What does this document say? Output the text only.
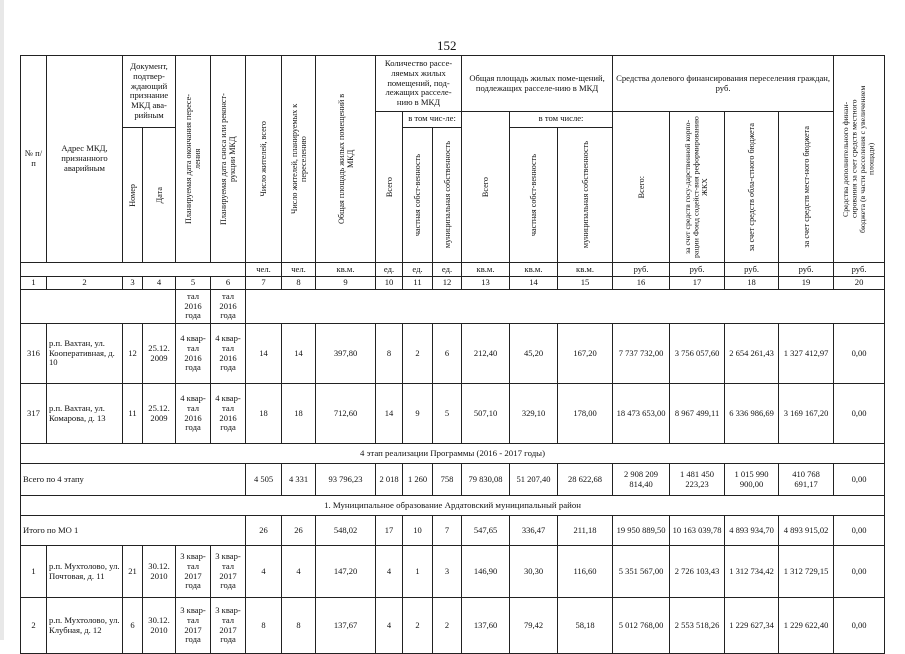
152
№ п/п	Адрес МКД, признанного аварийным	Документ, подтвер-ждающий признание МКД ава-рийным		Планируемая дата окончания пересе-ления	Планируемая дата сноса или реконст-рукции МКД	Число жителей, всего	Число жителей, планируемых к переселению	Общая площадь жилых помещений в МКД	Количество рассе-ляемых жилых помещений, под-лежащих расселе-нию в МКД			Общая площадь жилых поме-щений, подлежащих расселе-нию в МКД			Средства долевого финансирования переселения граждан, руб.				Средства дополнительного финан-сирования за счет средств местного бюджета (в части расселения с увеличением площади)

									Всего	в том чис-ле:		Всего	в том числе:		Всего:	за счет средств госу-дарственной корпо-рации Фонд содейст-вия реформированию ЖКХ	за счет средств обла-стного бюджета	за счет средств мест-ного бюджета	

		Номер	Дата							частная собст-венность	муниципальная собственность		частная собст-венность	муниципальная собственность					

						чел.	чел.	кв.м.	ед.	ед.	ед.	кв.м.	кв.м.	кв.м.	руб.	руб.	руб.	руб.	руб.
1	2	3	4	5	6	7	8	9	10	11	12	13	14	15	16	17	18	19	20
				тал 2016 года	тал 2016 года														
316	р.п. Вахтан, ул. Кооперативная, д. 10	12	25.12. 2009	4 квар-тал 2016 года	4 квар-тал 2016 года	14	14	397,80	8	2	6	212,40	45,20	167,20	7 737 732,00	3 756 057,60	2 654 261,43	1 327 412,97	0,00
317	р.п. Вахтан, ул. Комарова, д. 13	11	25.12. 2009	4 квар-тал 2016 года	4 квар-тал 2016 года	18	18	712,60	14	9	5	507,10	329,10	178,00	18 473 653,00	8 967 499,11	6 336 986,69	3 169 167,20	0,00
4 этап реализации Программы (2016 - 2017 годы)																			
Всего по 4 этапу						4 505	4 331	93 796,23	2 018	1 260	758	79 830,08	51 207,40	28 622,68	2 908 209 814,40	1 481 450 223,23	1 015 990 900,00	410 768 691,17	0,00
1. Муниципальное образование Ардатовский муниципальный район																			
Итого по МО 1						26	26	548,02	17	10	7	547,65	336,47	211,18	19 950 889,50	10 163 039,78	4 893 934,70	4 893 915,02	0,00
1	р.п. Мухтолово, ул. Почтовая, д. 11	21	30.12. 2010	3 квар-тал 2017 года	3 квар-тал 2017 года	4	4	147,20	4	1	3	146,90	30,30	116,60	5 351 567,00	2 726 103,43	1 312 734,42	1 312 729,15	0,00
2	р.п. Мухтолово, ул. Клубная, д. 12	6	30.12. 2010	3 квар-тал 2017 года	3 квар-тал 2017 года	8	8	137,67	4	2	2	137,60	79,42	58,18	5 012 768,00	2 553 518,26	1 229 627,34	1 229 622,40	0,00
